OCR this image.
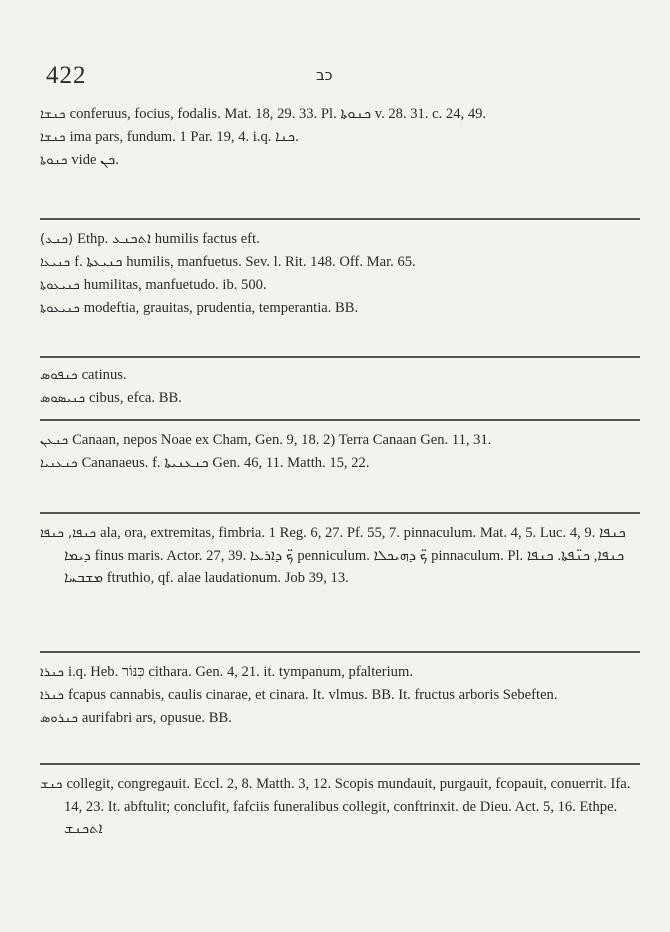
422	כב

ܟܢܫܐ conferuus, focius, fodalis. Mat. 18, 29. 33. Pl. ܟܢܘܬܐ v. 28. 31. c. 24, 49.

ܟܢܫܐ ima pars, fundum. 1 Par. 19, 4. i.q. ܟܢܐ.

ܟܢܘܬܐ vide ܟܢ.

(ܟܢܥ) Ethp. ܐܬܟܢܥ humilis factus eft.

ܟܢܝܥܐ f. ܟܢܝܥܬܐ humilis, manfuetus. Sev. l. Rit. 148. Off. Mar. 65.

ܟܢܝܥܘܬܐ humilitas, manfuetudo. ib. 500.

ܟܢܝܥܘܬܐ modeftia, grauitas, prudentia, temperantia. BB.

ܟܢܦܘܣ catinus.

ܟܢܝܣܘܣ cibus, efca. BB.

ܟܢܥܢ Canaan, nepos Noae ex Cham, Gen. 9, 18. 2) Terra Canaan Gen. 11, 31.

ܟܢܥܢܝܐ Cananaeus. f. ܟܢܥܢܝܬܐ Gen. 46, 11. Matth. 15, 22.

ܟܢܦܐ, ܟܢܦܐ ala, ora, extremitas, fimbria. 1 Reg. 6, 27. Pf. 55, 7. pinnaculum. Mat. 4, 5. Luc. 4, 9. ܟܢܦܐ ܕܝܡܐ finus maris. Actor. 27, 39. ܟ̈ ܕܐܪܥܐ penniculum. ܟ̈ ܕܗܝܟܠܐ pinnaculum. Pl. ܟܢܦܐ, ܟܢ̈ܦܬܐ. ܟܢܦܐ ܡܫܒܚܐ ftruthio, qf. alae laudationum. Job 39, 13.

ܟܢܪܐ i.q. Heb. כִּנּוֹר cithara. Gen. 4, 21. it. tympanum, pfalterium.

ܟܢܪܐ fcapus cannabis, caulis cinarae, et cinara. It. vlmus. BB. It. fructus arboris Sebeften.

ܟܢܪܘܣ aurifabri ars, opusue. BB.

ܟܢܫ collegit, congregauit. Eccl. 2, 8. Matth. 3, 12. Scopis mundauit, purgauit, fcopauit, conuerrit. Ifa. 14, 23. It. abftulit; conclufit, fafciis funeralibus collegit, conftrinxit. de Dieu. Act. 5, 16. Ethpe. ܐܬܟܢܫ
